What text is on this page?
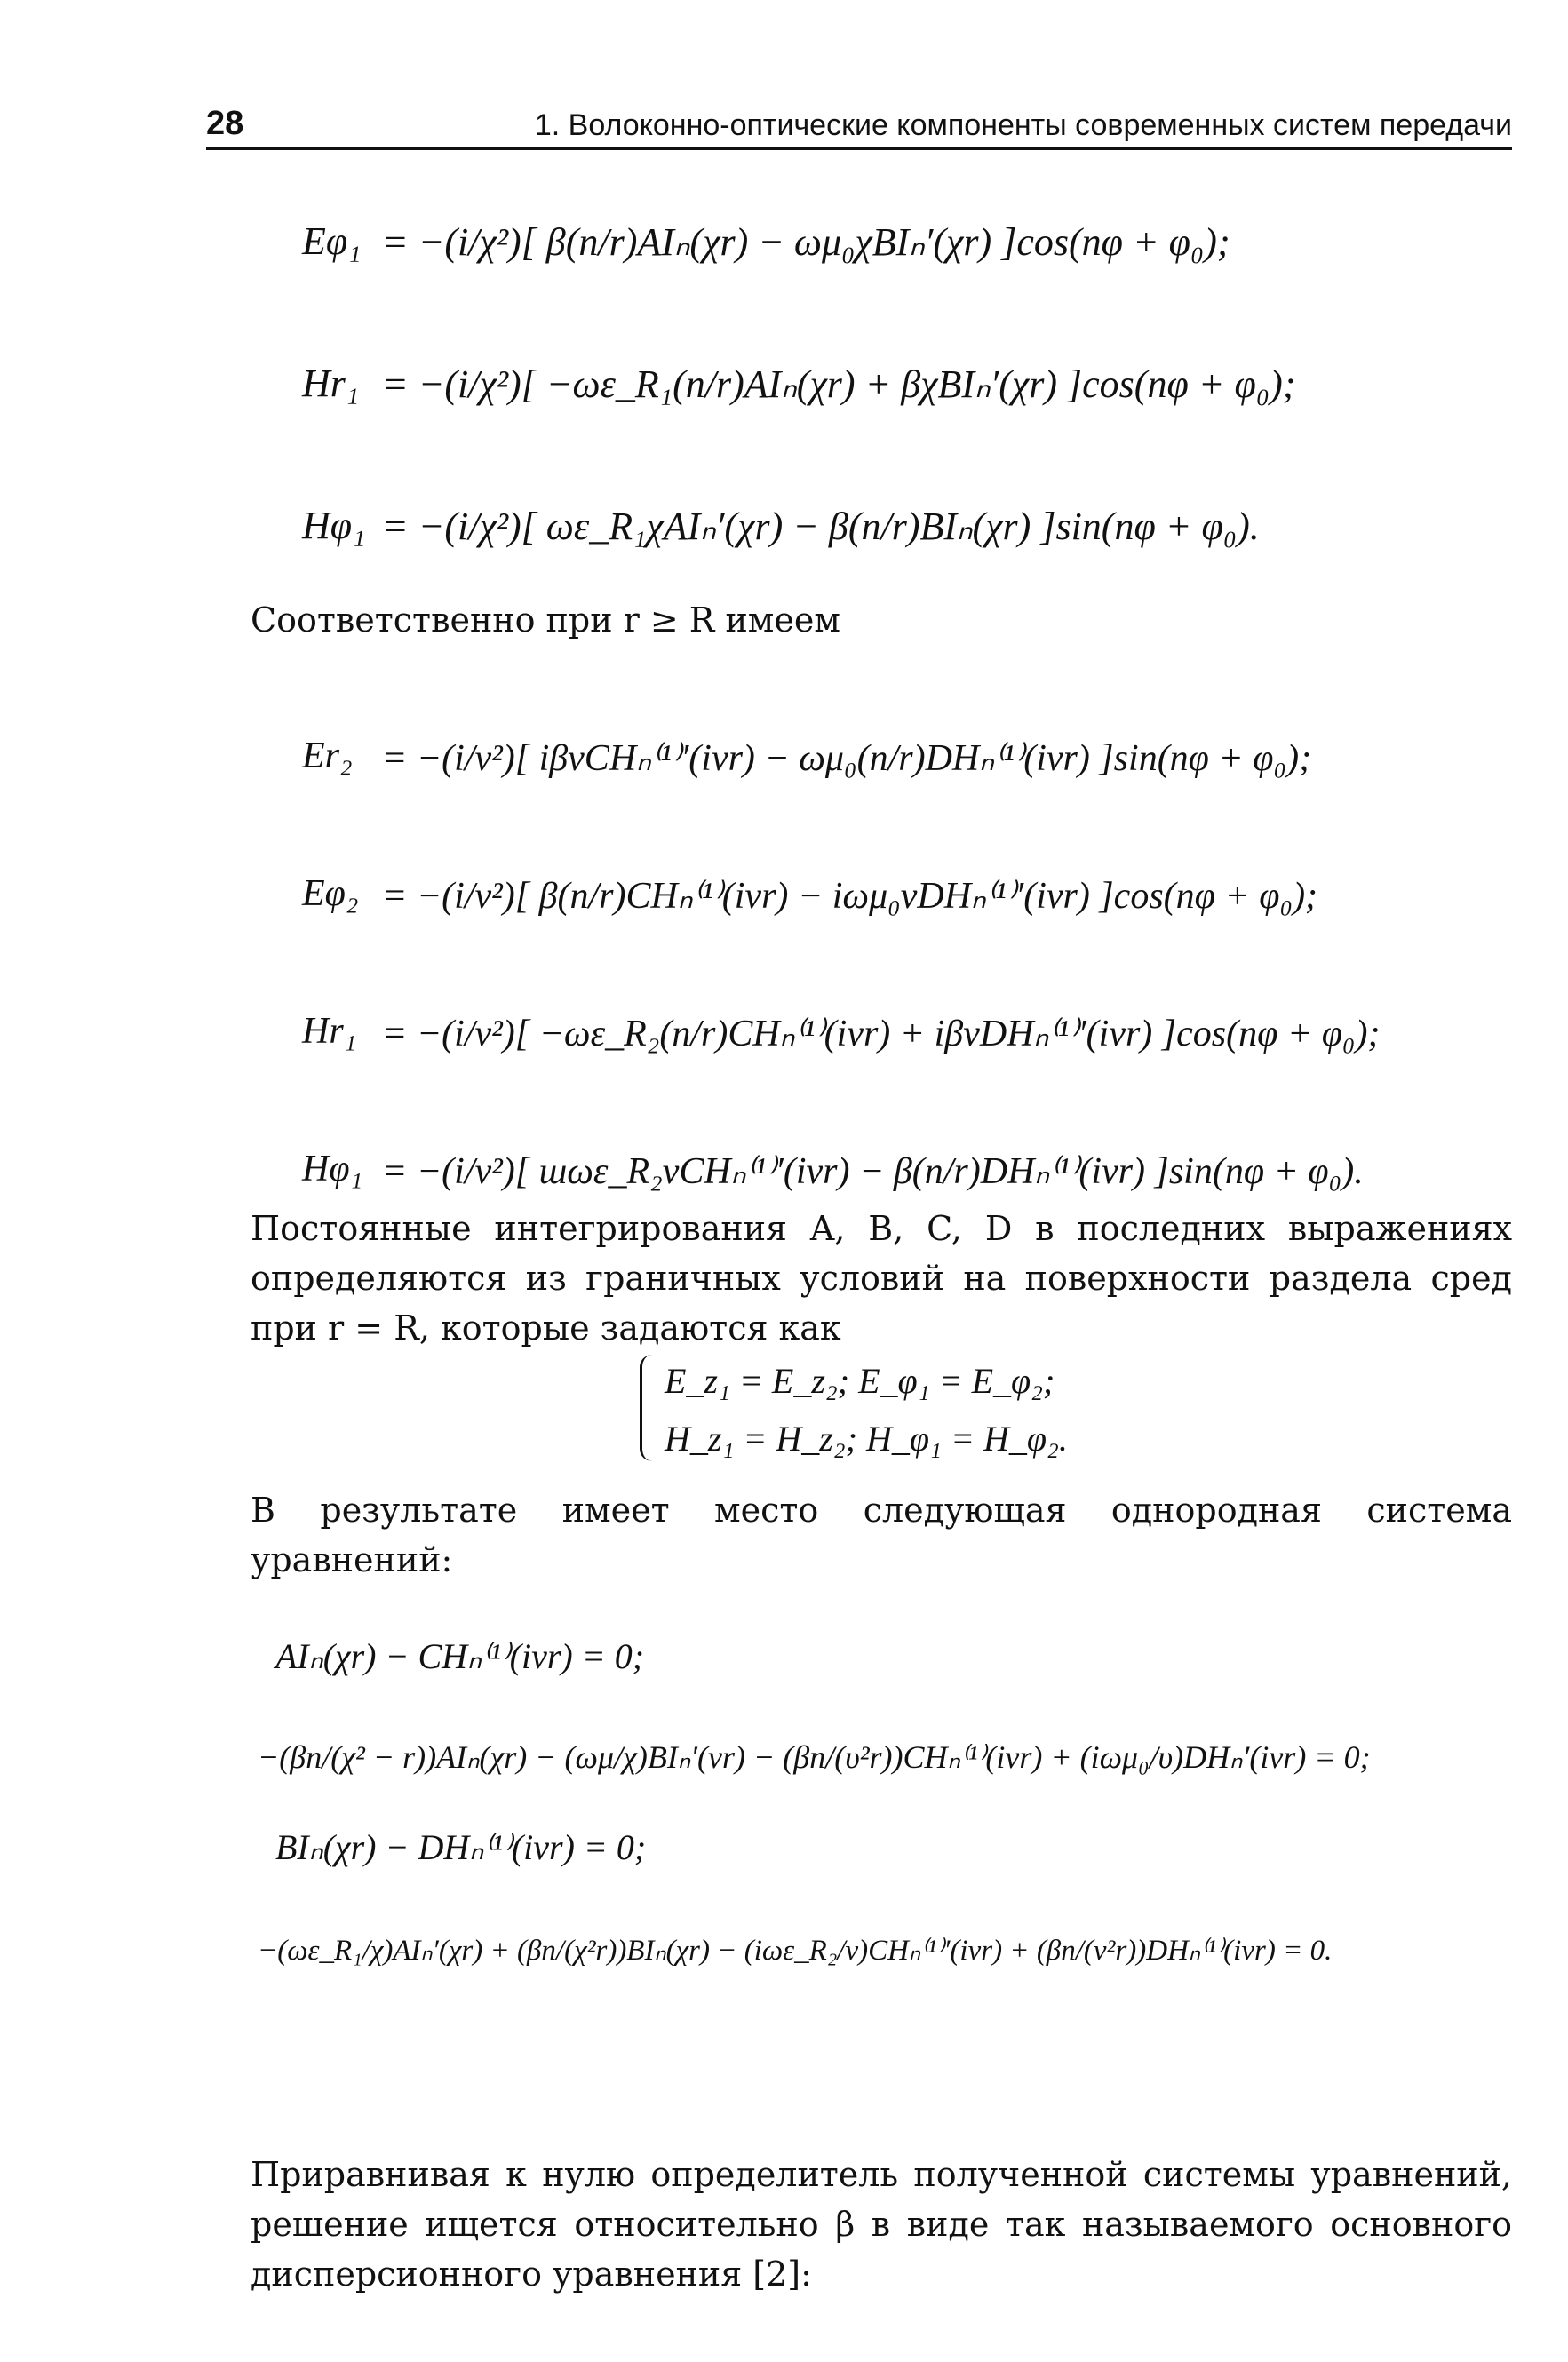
28	1. Волоконно-оптические компоненты современных систем передачи
= −(i/χ²)[ β(n/r)AIₙ(χr) − ωμ₀χBIₙ′(χr) ]cos(nφ + φ₀);
= −(i/χ²)[ −ωε_R₁(n/r)AIₙ(χr) + βχBIₙ′(χr) ]cos(nφ + φ₀);
= −(i/χ²)[ ωε_R₁χAIₙ′(χr) − β(n/r)BIₙ(χr) ]sin(nφ + φ₀).
Eφ₁
Hr₁
Hφ₁
Соответственно при r ≥ R имеем
Er₂ = −(i/ν²)[ iβνCHₙ⁽¹⁾′(iνr) − ωμ₀(n/r)DHₙ⁽¹⁾(iνr) ]sin(nφ + φ₀);
Eφ₂ = −(i/ν²)[ β(n/r)CHₙ⁽¹⁾(iνr) − iωμ₀νDHₙ⁽¹⁾′(iνr) ]cos(nφ + φ₀);
Hr₁ = −(i/ν²)[ −ωε_R₂(n/r)CHₙ⁽¹⁾(iνr) + iβνDHₙ⁽¹⁾′(iνr) ]cos(nφ + φ₀);
Hφ₁ = −(i/ν²)[ шωε_R₂νCHₙ⁽¹⁾′(iνr) − β(n/r)DHₙ⁽¹⁾(iνr) ]sin(nφ + φ₀).
Постоянные интегрирования A, B, C, D в последних выражениях определяются из граничных условий на поверхности раздела сред при r = R, которые задаются как
E_z₁ = E_z₂; E_φ₁ = E_φ₂;
H_z₁ = H_z₂; Н_φ₁ = H_φ₂.
В результате имеет место следующая однородная система уравнений:
AIₙ(χr) − CHₙ⁽¹⁾(iνr) = 0;
−(βn/(χ² − r))AIₙ(χr) − (ωμ/χ)BIₙ′(νr) − (βn/(υ²r))CHₙ⁽¹⁾(iνr) + (iωμ₀/υ)DHₙ′(iνr) = 0;
BIₙ(χr) − DHₙ⁽¹⁾(iνr) = 0;
−(ωε_R₁/χ)AIₙ′(χr) + (βn/(χ²r))BIₙ(χr) − (iωε_R₂/ν)CHₙ⁽¹⁾′(iνr) + (βn/(ν²r))DHₙ⁽¹⁾(iνr) = 0.
Приравнивая к нулю определитель полученной системы уравнений, решение ищется относительно β в виде так называемого основного дисперсионного уравнения [2]:
